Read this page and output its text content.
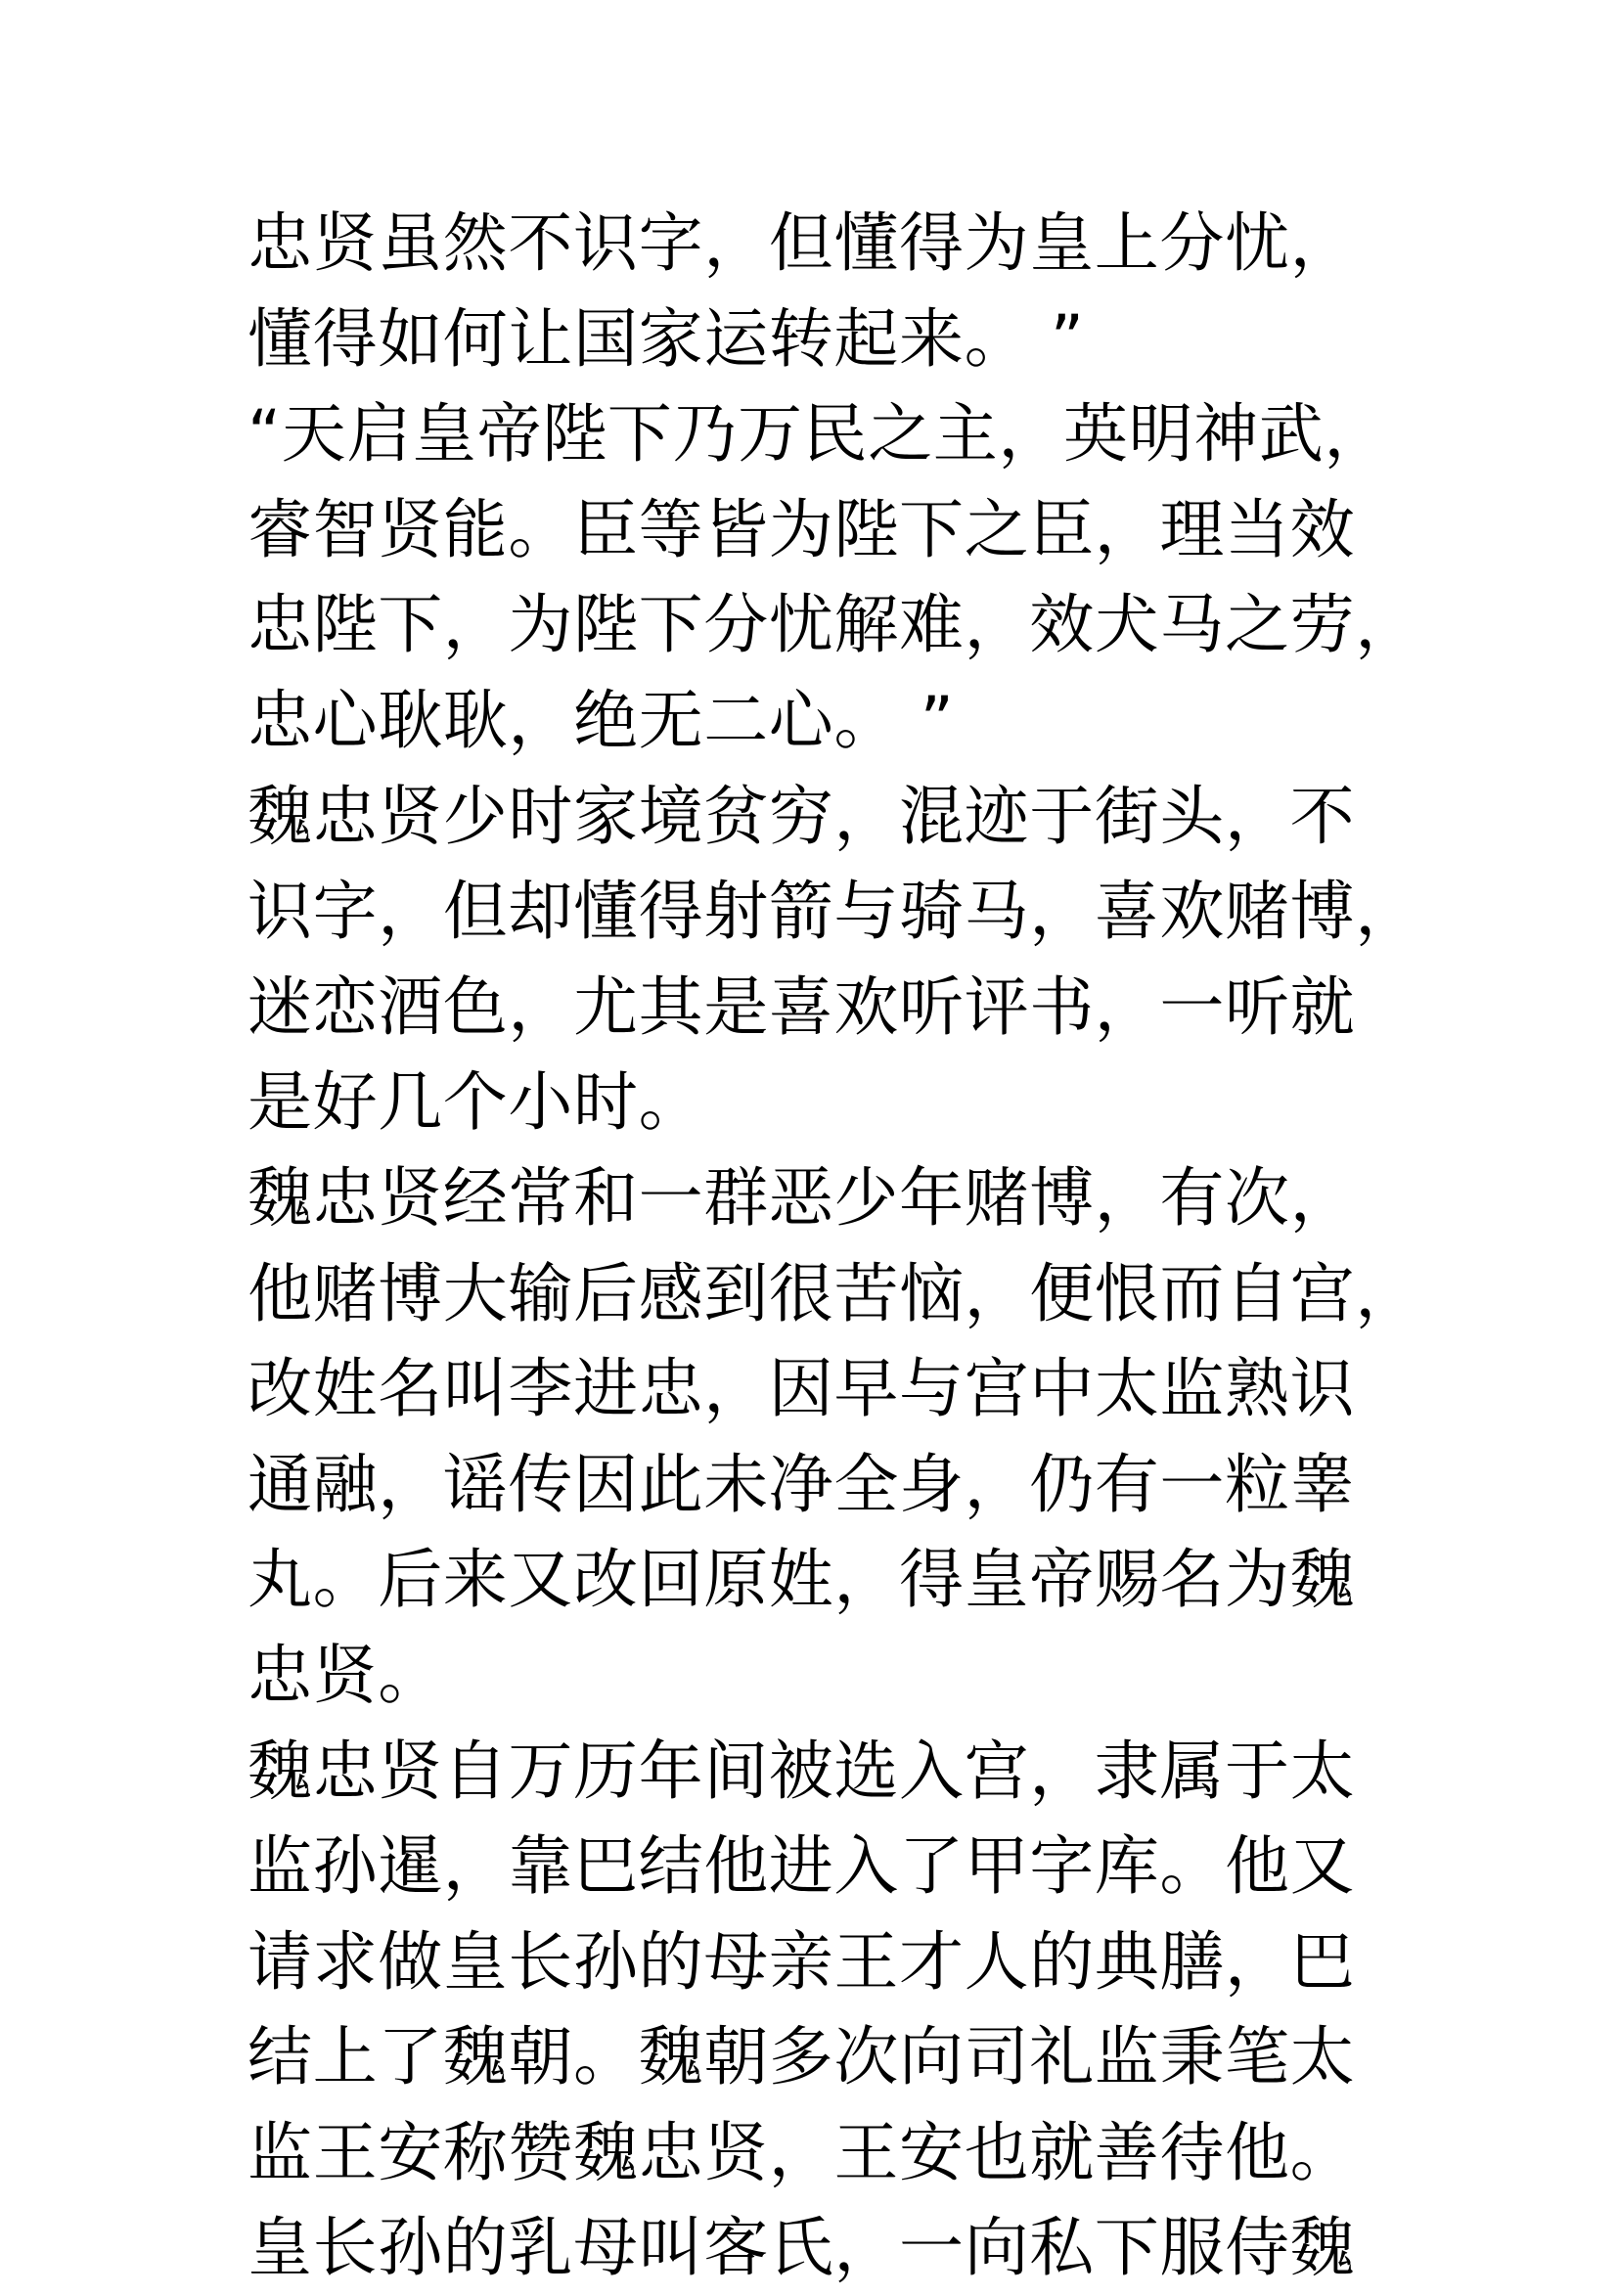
忠贤虽然不识字，但懂得为皇上分忧，
懂得如何让国家运转起来。 ”
“天启皇帝陛下乃万民之主，英明神武，
睿智贤能。臣等皆为陛下之臣，理当效
忠陛下，为陛下分忧解难，效犬马之劳，
忠心耿耿，绝无二心。 ”
魏忠贤少时家境贫穷，混迹于街头，不
识字，但却懂得射箭与骑马，喜欢赌博，
迷恋酒色，尤其是喜欢听评书，一听就
是好几个小时。
魏忠贤经常和一群恶少年赌博，有次，
他赌博大输后感到很苦恼，便恨而自宫，
改姓名叫李进忠，因早与宫中太监熟识
通融，谣传因此未净全身，仍有一粒睾
丸。后来又改回原姓，得皇帝赐名为魏
忠贤。
魏忠贤自万历年间被选入宫，隶属于太
监孙暹，靠巴结他进入了甲字库。他又
请求做皇长孙的母亲王才人的典膳，巴
结上了魏朝。魏朝多次向司礼监秉笔太
监王安称赞魏忠贤，王安也就善待他。
皇长孙的乳母叫客氏，一向私下服侍魏
